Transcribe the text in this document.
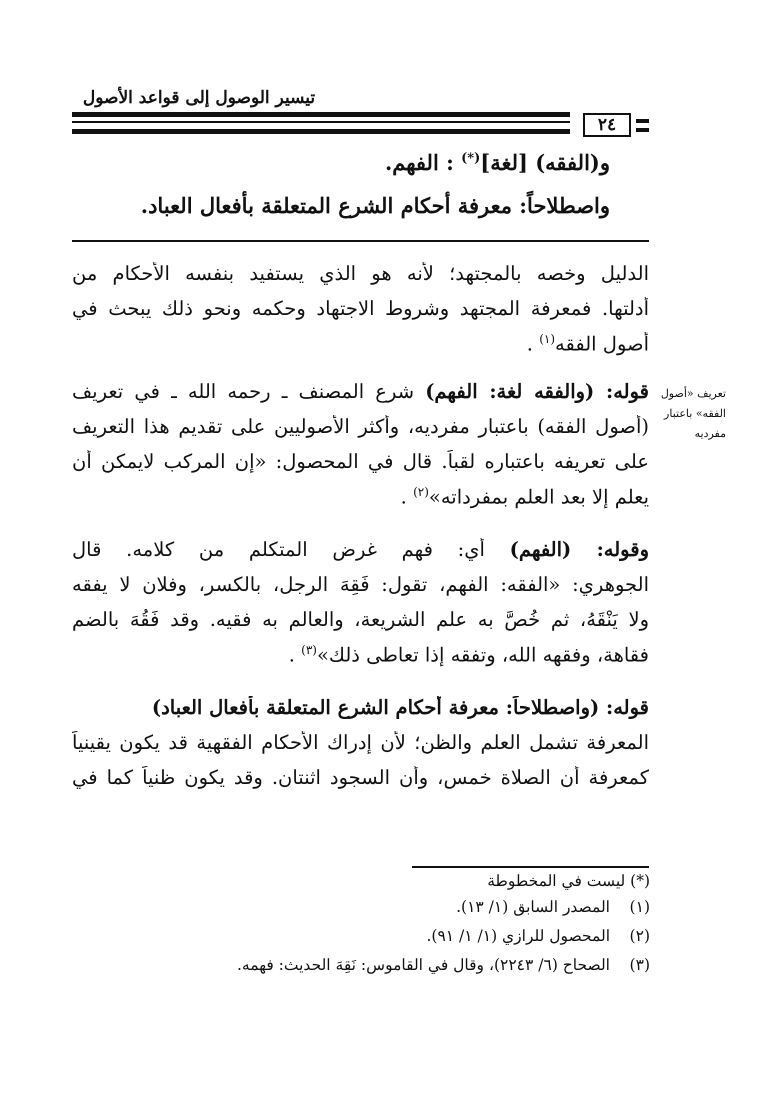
تيسير الوصول إلى قواعد الأصول
٢٤
و(الفقه) [لغة](*) : الفهم.
واصطلاحاً: معرفة أحكام الشرع المتعلقة بأفعال العباد.
الدليل وخصه بالمجتهد؛ لأنه هو الذي يستفيد بنفسه الأحكام من
أدلتها. فمعرفة المجتهد وشروط الاجتهاد وحكمه ونحو ذلك يبحث في
أصول الفقه$^{(١)}$ .
تعريف «أصول
الفقه» باعتبار
مفرديه
قوله: (والفقه لغة: الفهم) شرع المصنف ـ رحمه الله ـ في تعريف
(أصول الفقه) باعتبار مفرديه، وأكثر الأصوليين على تقديم هذا التعريف
على تعريفه باعتباره لقباً. قال في المحصول: «إن المركب لايمكن أن
يعلم إلا بعد العلم بمفرداته»$^{(٢)}$ .
وقوله: (الفهم) أي: فهم غرض المتكلم من كلامه. قال
الجوهري: «الفقه: الفهم، تقول: فَقِهَ الرجل، بالكسر، وفلان لا يفقه
ولا يَنْقَهُ، ثم خُصَّ به علم الشريعة، والعالم به فقيه. وقد فَقُهَ بالضم
فقاهة، وفقهه الله، وتفقه إذا تعاطى ذلك»$^{(٣)}$ .
قوله: (واصطلاحاً: معرفة أحكام الشرع المتعلقة بأفعال العباد)
المعرفة تشمل العلم والظن؛ لأن إدراك الأحكام الفقهية قد يكون يقينياً
كمعرفة أن الصلاة خمس، وأن السجود اثنتان. وقد يكون ظنياً كما في
(*) ليست في المخطوطة
(١)المصدر السابق (١/ ١٣).
(٢)المحصول للرازي (١/ ١/ ٩١).
(٣)الصحاح (٦/ ٢٢٤٣)، وقال في القاموس: نَقِهَ الحديث: فهمه.
